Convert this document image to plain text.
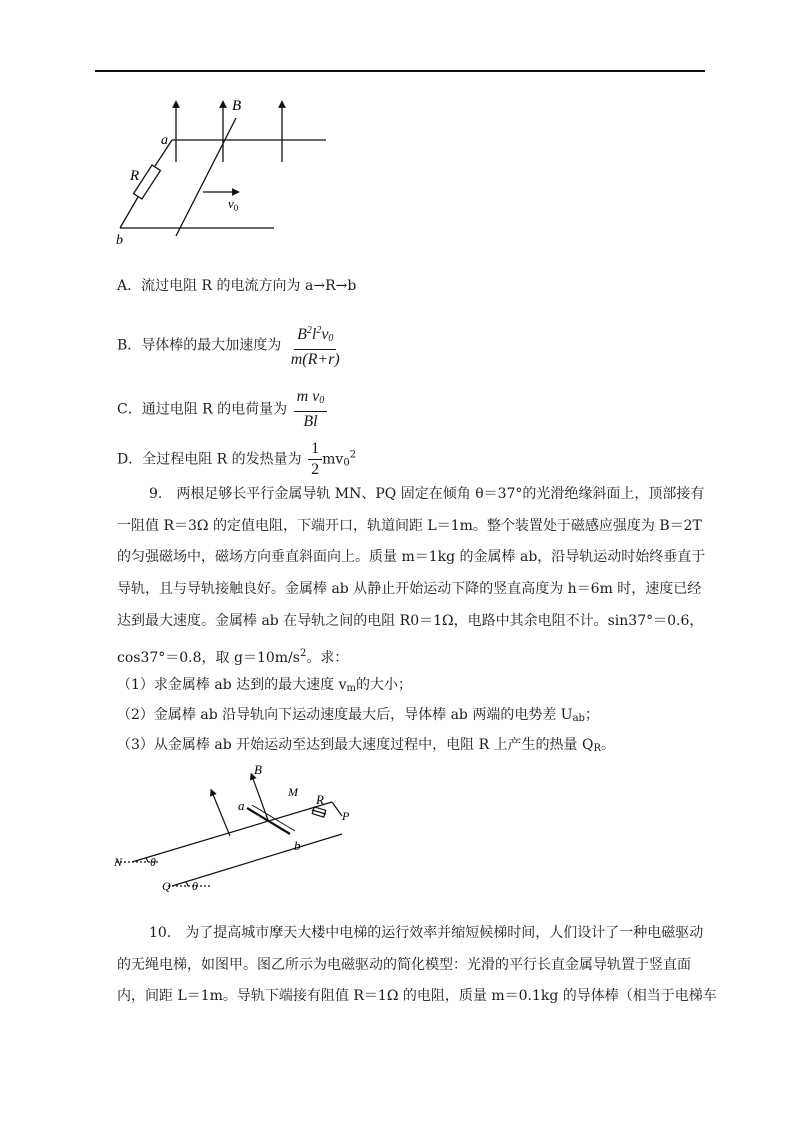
a
b
R
B
$v_0$
A．流过电阻 R 的电流方向为 a→R→b
B．导体棒的最大加速度为 $\frac{B^2l^2v_0}{m(R+r)}$
C．通过电阻 R 的电荷量为 $\frac{m v_0}{Bl}$
D．全过程电阻 R 的发热量为 $\frac{1}{2} mv_0^2$
9.　两根足够长平行金属导轨 MN、PQ 固定在倾角 θ＝37°的光滑绝缘斜面上，顶部接有
一阻值 R＝3Ω 的定值电阻，下端开口，轨道间距 L＝1m。整个装置处于磁感应强度为 B＝2T
的匀强磁场中，磁场方向垂直斜面向上。质量 m＝1kg 的金属棒 ab，沿导轨运动时始终垂直于
导轨，且与导轨接触良好。金属棒 ab 从静止开始运动下降的竖直高度为 h＝6m 时，速度已经
达到最大速度。金属棒 ab 在导轨之间的电阻 R0＝1Ω，电路中其余电阻不计。sin37°＝0.6，
cos37°＝0.8，取 $g=10m/s^2$。求：
（1）求金属棒 ab 达到的最大速度 $v_m$的大小；
（2）金属棒 ab 沿导轨向下运动速度最大后，导体棒 ab 两端的电势差 $U_{ab}$；
（3）从金属棒 ab 开始运动至达到最大速度过程中，电阻 R 上产生的热量 $Q_R$。
B
a
M R
P
b
N θ
Q θ
10.　为了提高城市摩天大楼中电梯的运行效率并缩短候梯时间，人们设计了一种电磁驱动
的无绳电梯，如图甲。图乙所示为电磁驱动的简化模型：光滑的平行长直金属导轨置于竖直面
内，间距 L＝1m。导轨下端接有阻值 R＝1Ω 的电阻，质量 m＝0.1kg 的导体棒（相当于电梯车
